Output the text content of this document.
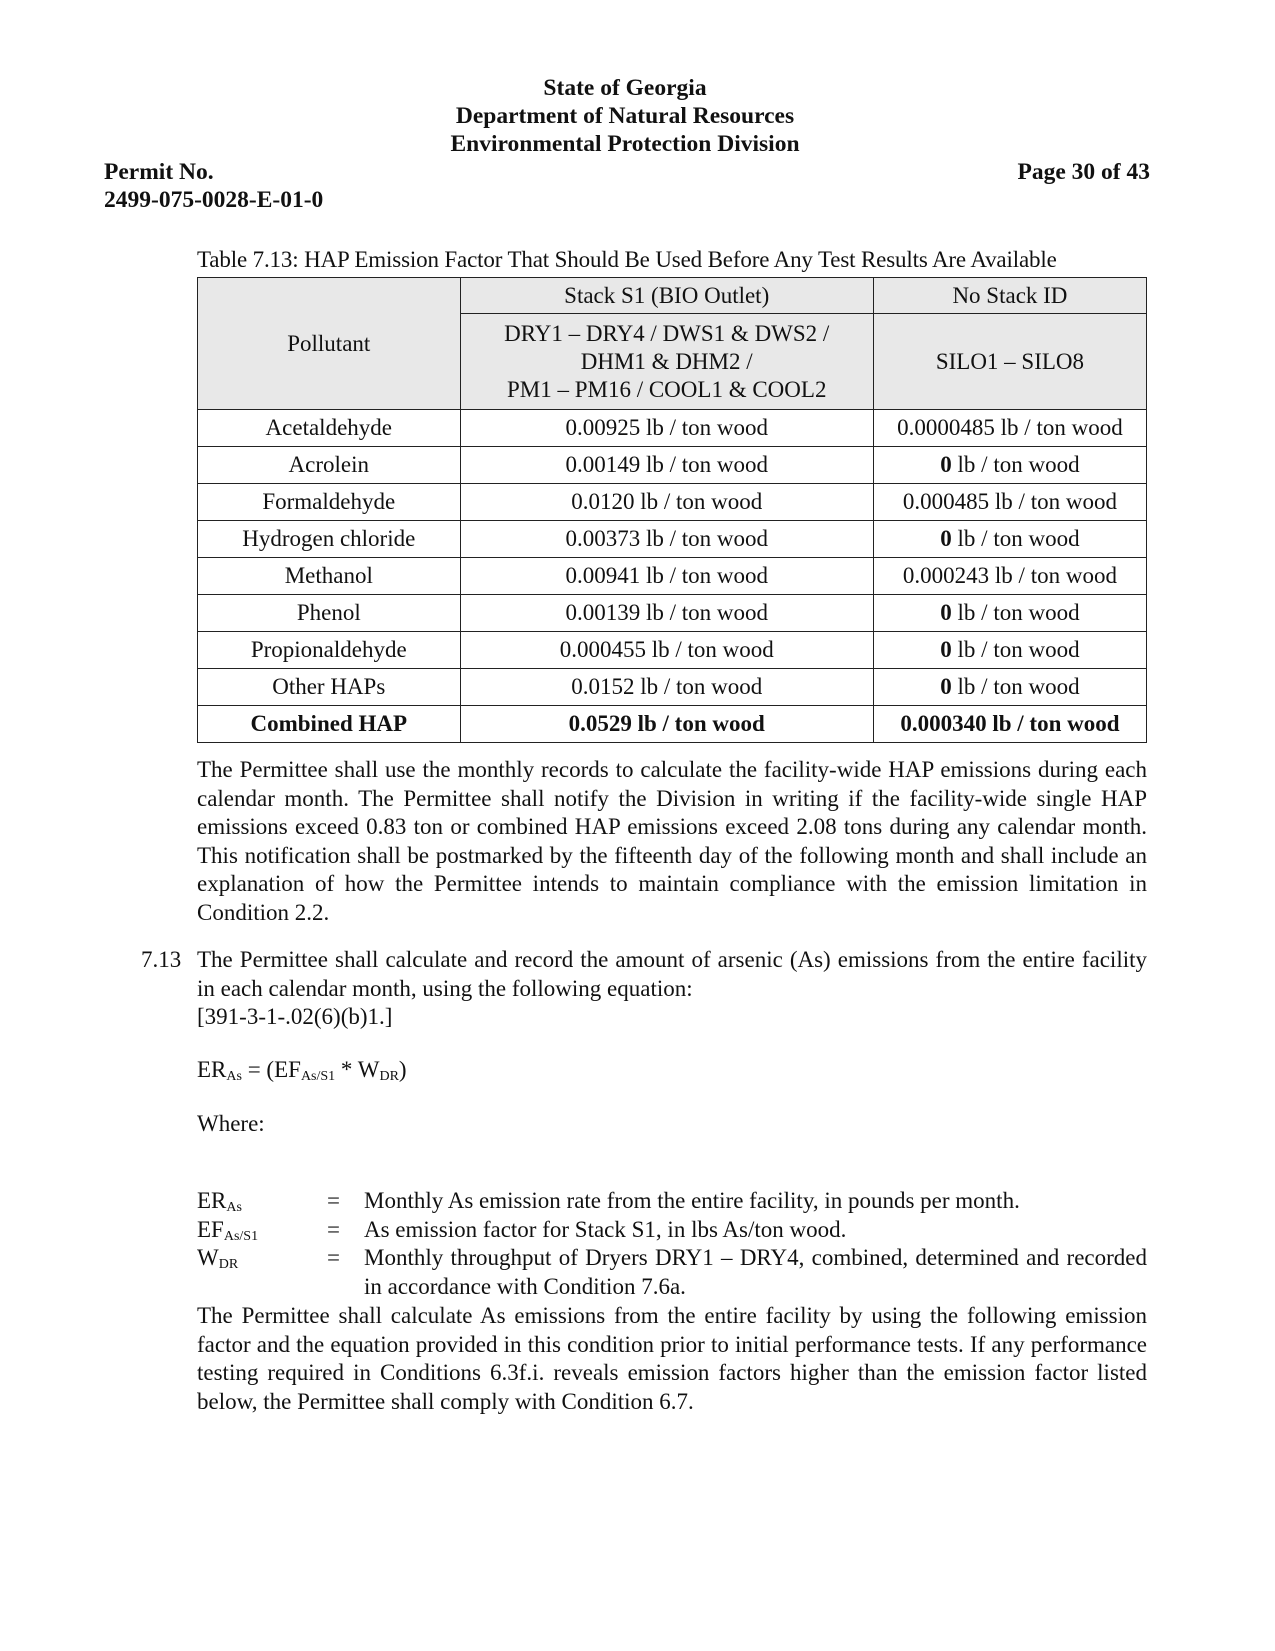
State of Georgia
Department of Natural Resources
Environmental Protection Division
Permit No.
2499-075-0028-E-01-0
Page 30 of 43
Table 7.13: HAP Emission Factor That Should Be Used Before Any Test Results Are Available
Pollutant	Stack S1 (BIO Outlet)	No Stack ID

	DRY1 – DRY4 / DWS1 & DWS2 /
DHM1 & DHM2 /
PM1 – PM16 / COOL1 & COOL2	SILO1 – SILO8
Acetaldehyde	0.00925 lb / ton wood	0.0000485 lb / ton wood
Acrolein	0.00149 lb / ton wood	0 lb / ton wood
Formaldehyde	0.0120 lb / ton wood	0.000485 lb / ton wood
Hydrogen chloride	0.00373 lb / ton wood	0 lb / ton wood
Methanol	0.00941 lb / ton wood	0.000243 lb / ton wood
Phenol	0.00139 lb / ton wood	0 lb / ton wood
Propionaldehyde	0.000455 lb / ton wood	0 lb / ton wood
Other HAPs	0.0152 lb / ton wood	0 lb / ton wood
Combined HAP	0.0529 lb / ton wood	0.000340 lb / ton wood
The Permittee shall use the monthly records to calculate the facility-wide HAP emissions during each calendar month. The Permittee shall notify the Division in writing if the facility-wide single HAP emissions exceed 0.83 ton or combined HAP emissions exceed 2.08 tons during any calendar month. This notification shall be postmarked by the fifteenth day of the following month and shall include an explanation of how the Permittee intends to maintain compliance with the emission limitation in Condition 2.2.
7.13 The Permittee shall calculate and record the amount of arsenic (As) emissions from the entire facility in each calendar month, using the following equation:
[391-3-1-.02(6)(b)1.]
$ER_{As} = (EF_{As/S1} * W_{DR})$
Where:
$ER_{As}$	= Monthly As emission rate from the entire facility, in pounds per month.
$EF_{As/S1}$	= As emission factor for Stack S1, in lbs As/ton wood.
$W_{DR}$	= Monthly throughput of Dryers DRY1 – DRY4, combined, determined and recorded in accordance with Condition 7.6a.
The Permittee shall calculate As emissions from the entire facility by using the following emission factor and the equation provided in this condition prior to initial performance tests. If any performance testing required in Conditions 6.3f.i. reveals emission factors higher than the emission factor listed below, the Permittee shall comply with Condition 6.7.
